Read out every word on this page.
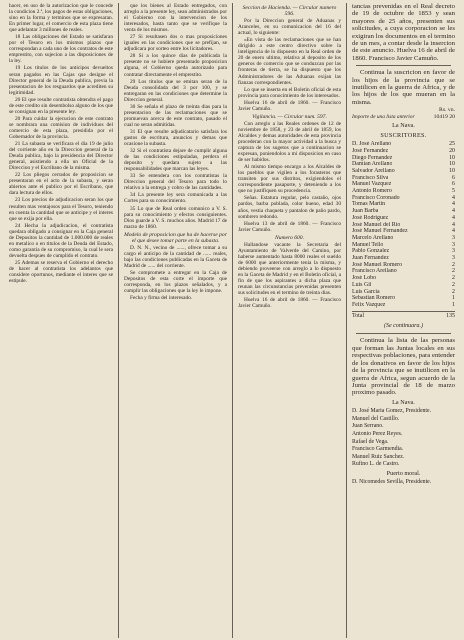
hacer, en uso de la autorizacion que le concede la condicion 2.ª, los pagos de estas obligaciones, sino en la forma y terminos que se expresaran. En primer lugar, el comercio de esta plaza tiene que adelantar 3 millones de reales.

18 Las obligaciones del Estado se satisfaran por el Tesoro en los mismos plazos que correspondan a cada uno de los contratos de este emprestito, con sujecion a las disposiciones de la ley.

19 Los titulos de los anticipos devueltos seran pagados en las Cajas que designe el Director general de la Deuda publica, previa la presentacion de los resguardos que acrediten su legitimidad.

20 El que resulte contratista obtendra el pago de este credito sin desembolso alguno de los que se consignan en la presente ley.

20 Para cuidar la ejecucion de este contrato se nombrara una comision de individuos del comercio de esta plaza, presidida por el Gobernador de la provincia.

21 La subasta se verificara el dia 19 de julio del corriente año en la Direccion general de la Deuda publica, bajo la presidencia del Director general, asistiendo a ella un Oficial de la Direccion y el Escribano de la misma.

22 Los pliegos cerrados de proposicion se presentaran en el acto de la subasta, y seran abiertos ante el publico por el Escribano, que dara lectura de ellos.

23 Los precios de adjudicacion seran los que resulten mas ventajosos para el Tesoro, teniendo en cuenta la cantidad que se anticipe y el interes que se exija por ella.

24 Hecha la adjudicacion, el contratista quedara obligado a consignar en la Caja general de Depositos la cantidad de 1.000.000 de reales en metalico o en titulos de la Deuda del Estado, como garantia de su compromiso, la cual le sera devuelta despues de cumplido el contrato.

25 Ademas se reserva el Gobierno el derecho de hacer al contratista los adelantos que considere oportunos, mediante el interes que se estipule.

que los bienes al Estado entregados, con arreglo a la presente ley, sean administrados por el Gobierno con la intervencion de los interesados, hasta tanto que se verifique la venta de los mismos.

27 Si resultasen dos o mas proposiciones iguales en las condiciones que se prefijan, se adjudicara por sorteo entre los licitadores.

28 Si a los quince dias de publicada la presente no se hubiere presentado proposicion alguna, el Gobierno queda autorizado para contratar directamente el emprestito.

29 Los titulos que se emitan seran de la Deuda consolidada del 3 por 100, y se entregaran en las condiciones que determine la Direccion general.

30 Se señala el plazo de treinta dias para la presentacion de las reclamaciones que se promuevan acerca de este contrato, pasado el cual no seran admitidas.

31 El que resulte adjudicatario satisfara los gastos de escritura, anuncios y demas que ocasione la subasta.

32 Si el contratista dejare de cumplir alguna de las condiciones estipuladas, perdera el deposito y quedara sujeto a las responsabilidades que marcan las leyes.

33 Se entendera con los contratistas la Direccion general del Tesoro para todo lo relativo a la entrega y cobro de las cantidades.

34 La presente ley sera comunicada a las Cortes para su conocimiento.

35 Lo que de Real orden comunico a V. S. para su conocimiento y efectos consiguientes. Dios guarde a V. S. muchos años. Madrid 17 de marzo de 1860.

Modelo de proposicion que ha de hacerse por el que desee tomar parte en la subasta.

D. N. N., vecino de ......, ofrece tomar a su cargo el anticipo de la cantidad de ...... reales, bajo las condiciones publicadas en la Gaceta de Madrid de ...... del corriente.

Se compromete a entregar en la Caja de Depositos de esta corte el importe que corresponda, en los plazos señalados, y a cumplir las obligaciones que la ley le impone.

Fecha y firma del interesado.

Seccion de Hacienda. — Circular numero 596.

Por la Direccion general de Aduanas y Aranceles, en su comunicacion del 16 del actual, lo siguiente:

«En vista de las reclamaciones que se han dirigido a este centro directivo sobre la inteligencia de lo dispuesto en la Real orden de 20 de enero ultimo, relativa al deposito de los generos de comercio que se conduzcan por las fronteras de tierra, se ha dispuesto que los Administradores de las Aduanas exijan las fianzas correspondientes.

Lo que se inserta en el Boletin oficial de esta provincia para conocimiento de los interesados.

Huelva 16 de abril de 1860. — Francisco Javier Camuño.

Vigilancia. — Circular num. 597.

Con arreglo a las Reales ordenes de 12 de noviembre de 1858, y 23 de abril de 1859, los Alcaldes y demas autoridades de esta provincia procederan con la mayor actividad a la busca y captura de los sugetos que a continuacion se expresan, poniendolos a mi disposicion en caso de ser habidos.

Al mismo tiempo encargo a los Alcaldes de los pueblos que vigilen a los forasteros que transiten por sus distritos, exigiendoles el correspondiente pasaporte, y deteniendo a los que no justifiquen su procedencia.

Señas. Estatura regular, pelo castaño, ojos pardos, barba poblada, color bueno, edad 30 años, vestia chaqueta y pantalon de paño pardo, sombrero redondo.

Huelva 13 de abril de 1860. — Francisco Javier Camuño.

Numero 600.

Hallandose vacante la Secretaria del Ayuntamiento de Valverde del Camino, por haberse aumentado hasta 8000 reales el sueldo de 6000 que anteriormente tenia la misma, y debiendo proveerse con arreglo a lo dispuesto en la Gaceta de Madrid y en el Boletin oficial, a fin de que los aspirantes a dicha plaza que reunan las circunstancias prevenidas presenten sus solicitudes en el termino de treinta dias.

Huelva 16 de abril de 1860. — Francisco Javier Camuño.

tancias prevenidas en el Real decreto de 19 de octubre de 1853 y sean mayores de 25 años, presenten sus solicitudes, a cuya corporacion se les exigiran los documentos en el termino de un mes, a contar desde la insercion de este anuncio. Huelva 16 de abril de 1860. Francisco Javier Camuño.

Continua la suscricion en favor de los hijos de la provincia que se inutilicen en la guerra de Africa, y de los hijos de los que mueran en la misma.

Rs. vn.
Importe de una lista anterior	10419 20
La Nava.
SUSCRITORES.
D. José Arellano	25
José Fernandez	20
Diego Fernandez	10
Damian Arellano	10
Salvador Arellano	10
Francisco Silva	6
Manuel Vazquez	6
Antonio Romero	5
Francisco Coronado	4
Tomas Martin	4
Juan Barba	4
José Rodriguez	4
José Manuel del Rio	4
José Manuel Fernandez	4
Marcelo Arellano	3
Manuel Tello	3
Pablo Gonzalez	3
Juan Fernandez	3
José Manuel Romero	2
Francisco Arellano	2
José Lobo	2
Luis Gil	2
Luis Garcia	2
Sebastian Romero	1
Felix Vazquez	1
Total	135
(Se continuara.)

Continua la lista de las personas que forman las Juntas locales en sus respectivas poblaciones, para entender de los donativos en favor de los hijos de la provincia que se inutilicen en la guerra de Africa, segun acuerdo de la Junta provincial de 18 de marzo proximo pasado.

La Nava.

D. José Maria Gomez, Presidente.

Manuel del Castillo.

Juan Serrano.

Antonio Perez Reyes.

Rafael de Vega.

Francisco Garmendia.

Manuel Ruiz Sanchez.

Rufino L. de Castro.

Puerto moral.

D. Nicomedes Sevilla, Presidente.
